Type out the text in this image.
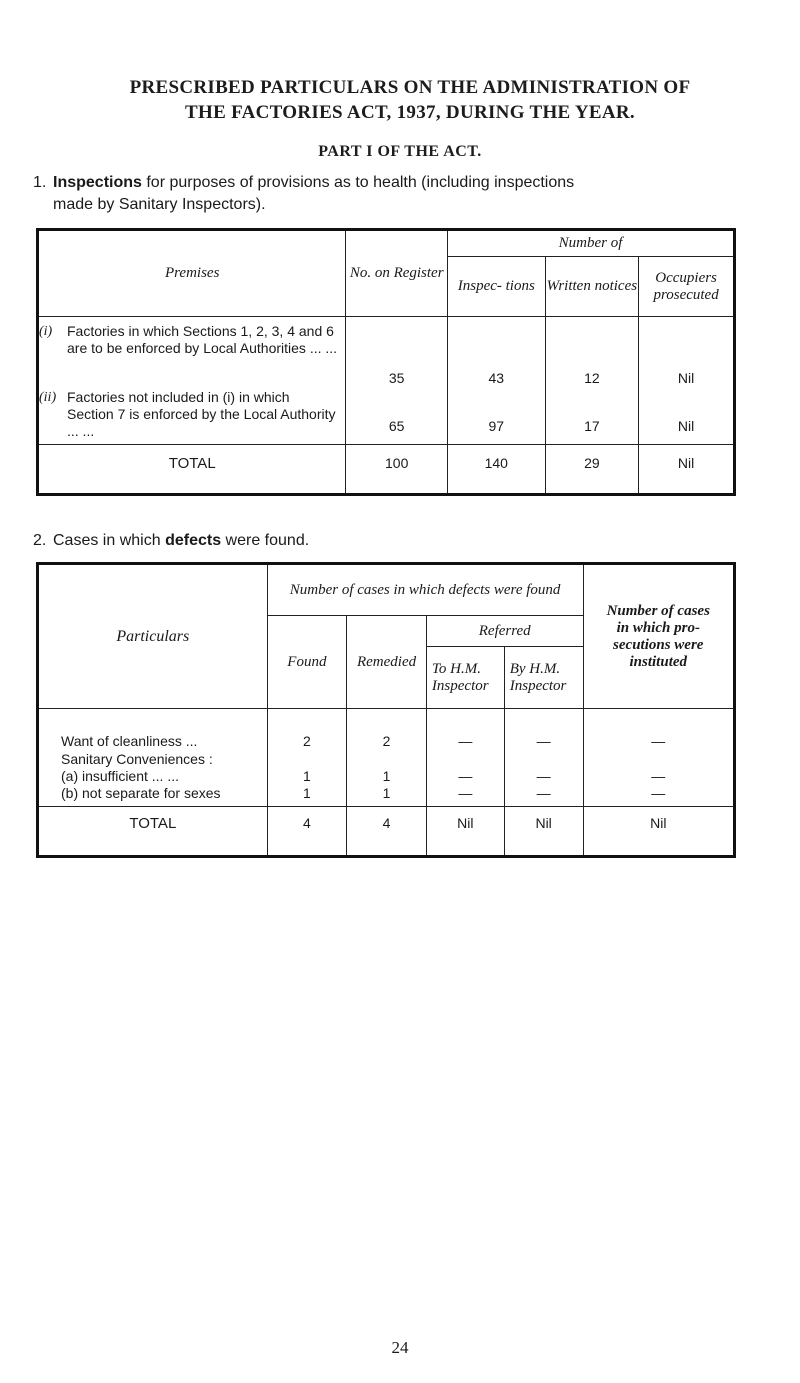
PRESCRIBED PARTICULARS ON THE ADMINISTRATION OF
THE FACTORIES ACT, 1937, DURING THE YEAR.
PART I OF THE ACT.
1. Inspections for purposes of provisions as to health (including inspections
made by Sanitary Inspectors).
Premises	No. on Register	Number of		
		Inspec- tions	Written notices	Occupiers prosecuted

(i) Factories in which Sections 1, 2, 3, 4 and 6 are to be enforced by Local Authorities ... ...	35	43	12	Nil

(ii) Factories not included in (i) in which Section 7 is enforced by the Local Authority ... ...	65	97	17	Nil
TOTAL	100	140	29	Nil
2. Cases in which defects were found.
Particulars	Number of cases in which defects were found				Number of cases in which pro- secutions were instituted
	Found	Remedied	Referred		
			To H.M. Inspector	By H.M. Inspector	
Want of cleanliness ...	2	2	—	—	—
Sanitary Conveniences :					
(a) insufficient ... ...	1	1	—	—	—
(b) not separate for sexes	1	1	—	—	—
TOTAL	4	4	Nil	Nil	Nil
24
